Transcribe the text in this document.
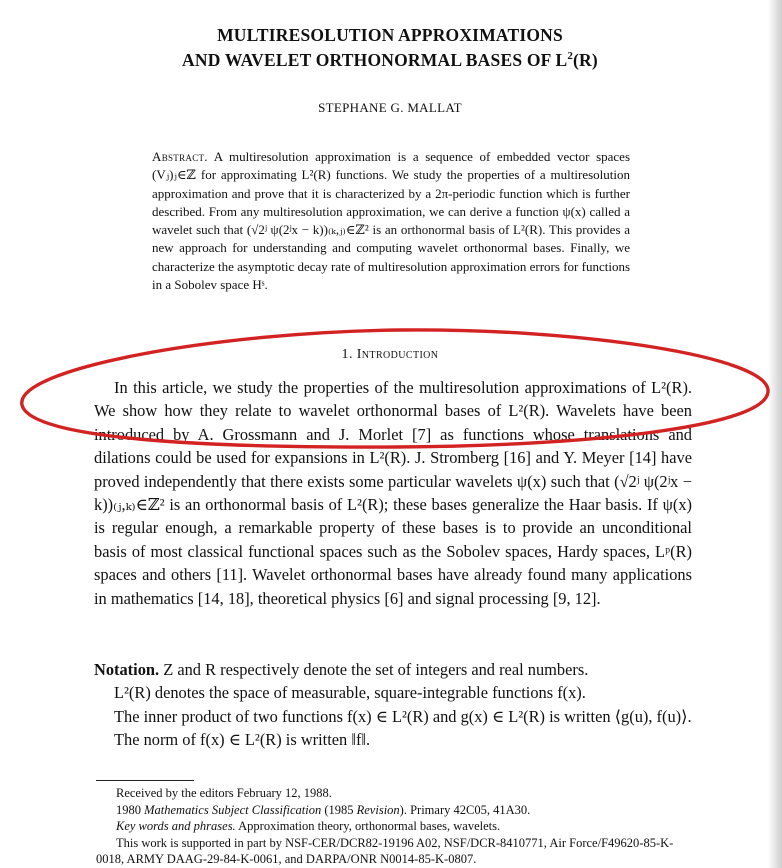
MULTIRESOLUTION APPROXIMATIONS
AND WAVELET ORTHONORMAL BASES OF $L^2(R)$
STEPHANE G. MALLAT
Abstract. A multiresolution approximation is a sequence of embedded vector spaces (Vⱼ)ⱼ∈ℤ for approximating L²(R) functions. We study the properties of a multiresolution approximation and prove that it is characterized by a 2π-periodic function which is further described. From any multiresolution approximation, we can derive a function ψ(x) called a wavelet such that (√2ʲ ψ(2ʲx − k))₍ₖ,ⱼ₎∈ℤ² is an orthonormal basis of L²(R). This provides a new approach for understanding and computing wavelet orthonormal bases. Finally, we characterize the asymptotic decay rate of multiresolution approximation errors for functions in a Sobolev space Hˢ.
1. Introduction

In this article, we study the properties of the multiresolution approximations of L²(R). We show how they relate to wavelet orthonormal bases of L²(R). Wavelets have been introduced by A. Grossmann and J. Morlet [7] as functions whose translations and dilations could be used for expansions in L²(R). J. Stromberg [16] and Y. Meyer [14] have proved independently that there exists some particular wavelets ψ(x) such that (√2ʲ ψ(2ʲx − k))₍ⱼ,ₖ₎∈ℤ² is an orthonormal basis of L²(R); these bases generalize the Haar basis. If ψ(x) is regular enough, a remarkable property of these bases is to provide an unconditional basis of most classical functional spaces such as the Sobolev spaces, Hardy spaces, Lᵖ(R) spaces and others [11]. Wavelet orthonormal bases have already found many applications in mathematics [14, 18], theoretical physics [6] and signal processing [9, 12].

Notation. Z and R respectively denote the set of integers and real numbers.

L²(R) denotes the space of measurable, square-integrable functions f(x).

The inner product of two functions f(x) ∈ L²(R) and g(x) ∈ L²(R) is written ⟨g(u), f(u)⟩.

The norm of f(x) ∈ L²(R) is written ‖f‖.

Received by the editors February 12, 1988.

1980 Mathematics Subject Classification (1985 Revision). Primary 42C05, 41A30.

Key words and phrases. Approximation theory, orthonormal bases, wavelets.

This work is supported in part by NSF-CER/DCR82-19196 A02, NSF/DCR-8410771, Air Force/F49620-85-K-0018, ARMY DAAG-29-84-K-0061, and DARPA/ONR N0014-85-K-0807.
